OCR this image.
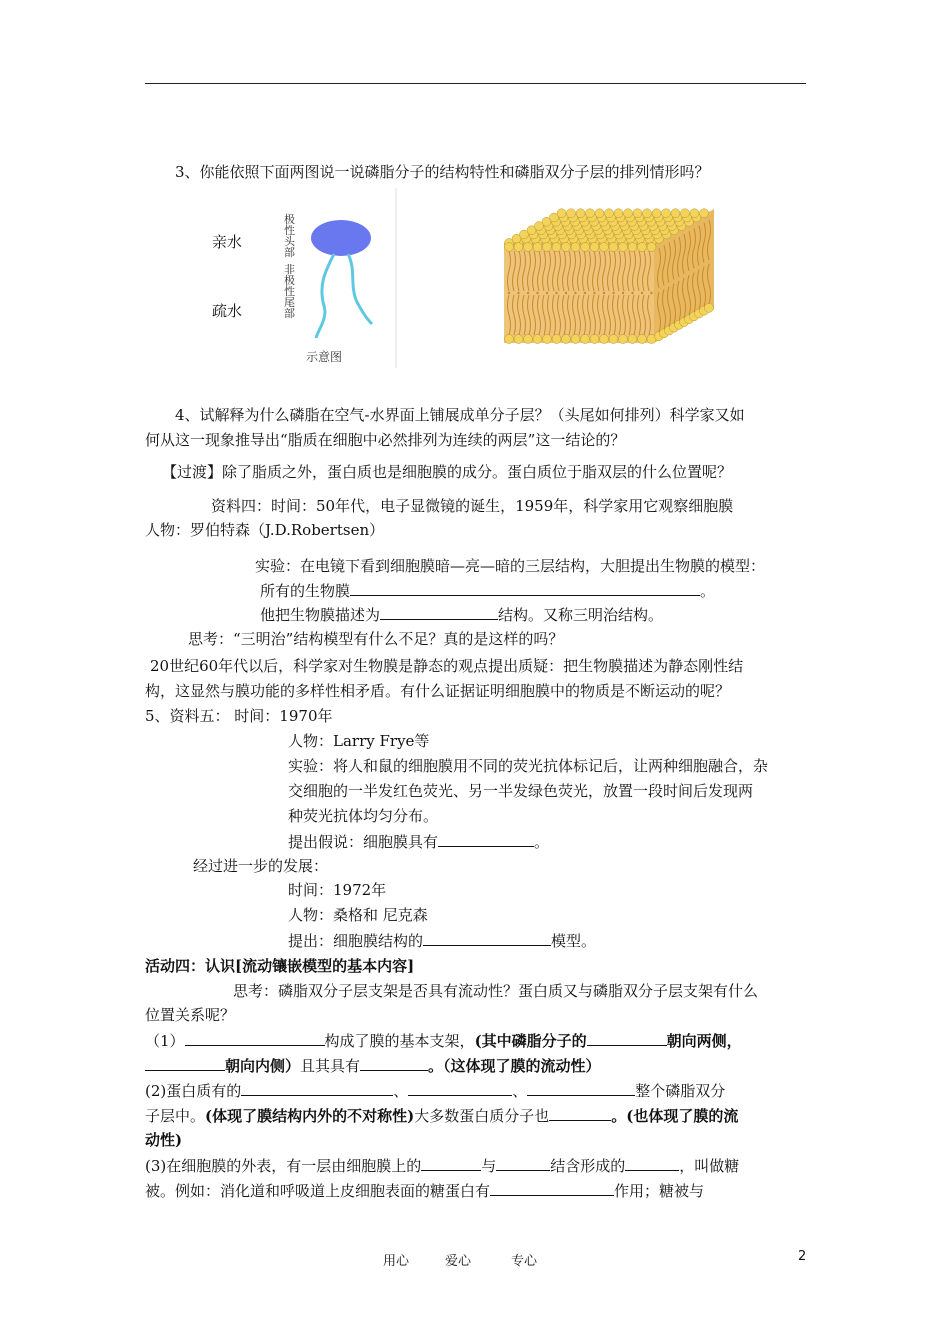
3、你能依照下面两图说一说磷脂分子的结构特性和磷脂双分子层的排列情形吗？
亲水
疏水
极性头部
非极性尾部
示意图
4、试解释为什么磷脂在空气-水界面上铺展成单分子层？（头尾如何排列）科学家又如
何从这一现象推导出“脂质在细胞中必然排列为连续的两层”这一结论的？
【过渡】除了脂质之外，蛋白质也是细胞膜的成分。蛋白质位于脂双层的什么位置呢？
资料四：时间：50年代，电子显微镜的诞生，1959年，科学家用它观察细胞膜
人物：罗伯特森（J.D.Robertsen）
实验：在电镜下看到细胞膜暗—亮—暗的三层结构，大胆提出生物膜的模型：
所有的生物膜	。
他把生物膜描述为	结构。又称三明治结构。
思考：“三明治”结构模型有什么不足？真的是这样的吗？
20世纪60年代以后，科学家对生物膜是静态的观点提出质疑：把生物膜描述为静态刚性结
构，这显然与膜功能的多样性相矛盾。有什么证据证明细胞膜中的物质是不断运动的呢？
5、资料五： 时间：1970年
人物：Larry Frye等
实验：将人和鼠的细胞膜用不同的荧光抗体标记后，让两种细胞融合，杂
交细胞的一半发红色荧光、另一半发绿色荧光，放置一段时间后发现两
种荧光抗体均匀分布。
提出假说：细胞膜具有	。
经过进一步的发展：
时间：1972年
人物：桑格和 尼克森
提出：细胞膜结构的	模型。
活动四：认识[流动镶嵌模型的基本内容]
思考：磷脂双分子层支架是否具有流动性？蛋白质又与磷脂双分子层支架有什么
位置关系呢？
（1）	构成了膜的基本支架，(其中磷脂分子的	朝向两侧，
朝向内侧）且其具有	。（这体现了膜的流动性）
(2)蛋白质有的	、	、	整个磷脂双分
子层中。(体现了膜结构内外的不对称性)大多数蛋白质分子也	。(也体现了膜的流
动性)
(3)在细胞膜的外表，有一层由细胞膜上的	与	结含形成的	，叫做糖
被。例如：消化道和呼吸道上皮细胞表面的糖蛋白有	作用；糖被与
用心	爱心	专心	2
